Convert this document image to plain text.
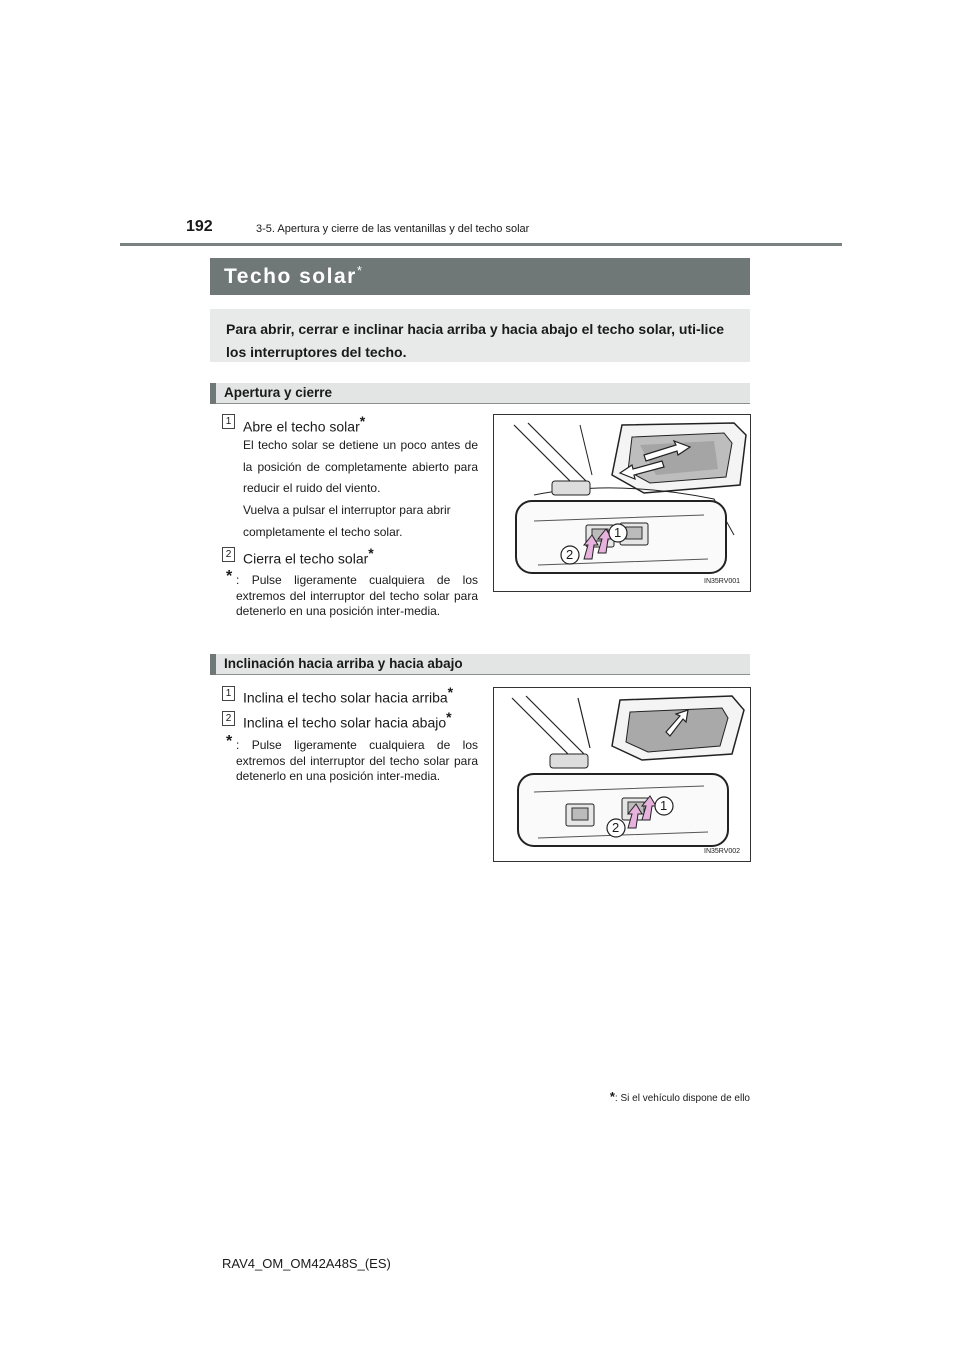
192	3-5. Apertura y cierre de las ventanillas y del techo solar
Techo solar*
Para abrir, cerrar e inclinar hacia arriba y hacia abajo el techo solar, uti-lice los interruptores del techo.
Apertura y cierre
1 Abre el techo solar*
El techo solar se detiene un poco antes de la posición de completamente abierto para reducir el ruido del viento.
Vuelva a pulsar el interruptor para abrir completamente el techo solar.
2 Cierra el techo solar*
* : Pulse ligeramente cualquiera de los extremos del interruptor del techo solar para detenerlo en una posición inter-media.
1
2
IN35RV001
Inclinación hacia arriba y hacia abajo
1 Inclina el techo solar hacia arriba*
2 Inclina el techo solar hacia abajo*
* : Pulse ligeramente cualquiera de los extremos del interruptor del techo solar para detenerlo en una posición inter-media.
1
2
IN35RV002
*: Si el vehículo dispone de ello
RAV4_OM_OM42A48S_(ES)
